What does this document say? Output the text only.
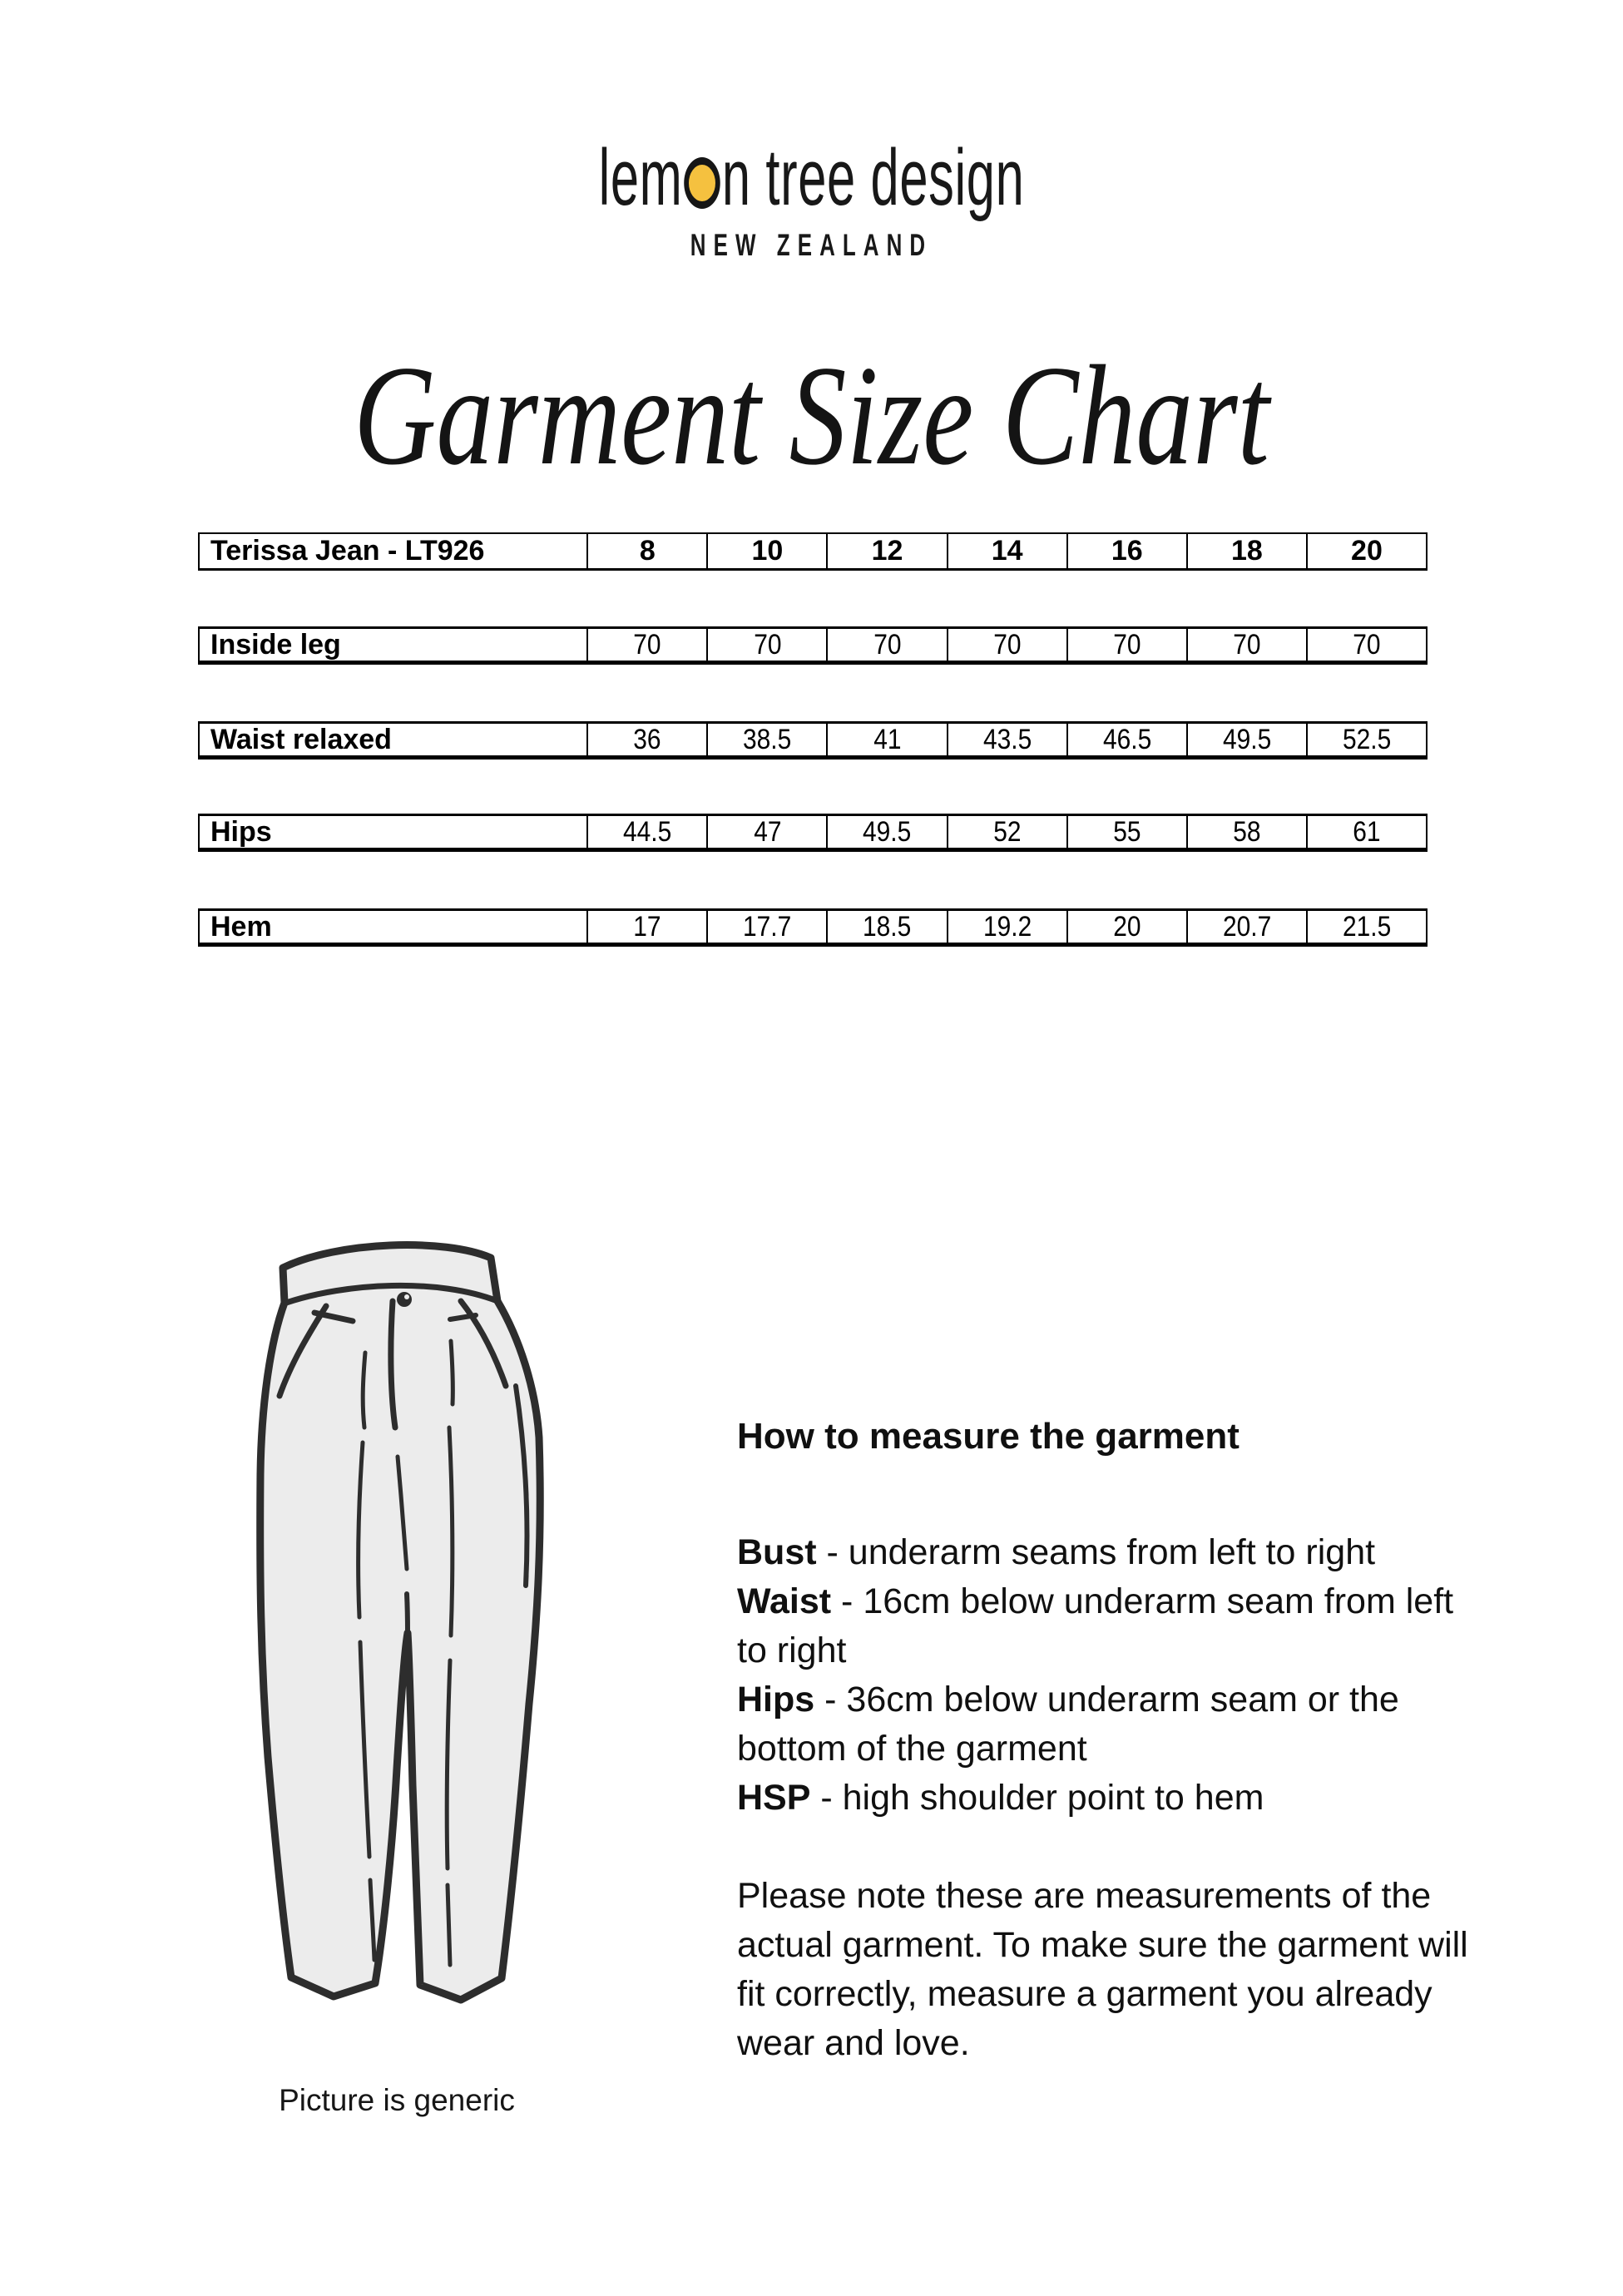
lem n tree design
NEW ZEALAND
Garment Size Chart
Terissa Jean - LT926	8	10	12	14	16	18	20
Inside leg	70	70	70	70	70	70	70
Waist relaxed	36	38.5	41	43.5	46.5	49.5	52.5
Hips	44.5	47	49.5	52	55	58	61
Hem	17	17.7	18.5	19.2	20	20.7	21.5
Picture is generic
How to measure the garment

Bust - underarm seams from left to right

Waist - 16cm below underarm seam from left to right

Hips - 36cm below underarm seam or the bottom of the garment

HSP - high shoulder point to hem

Please note these are measurements of the actual garment. To make sure the garment will fit correctly, measure a garment you already wear and love.
